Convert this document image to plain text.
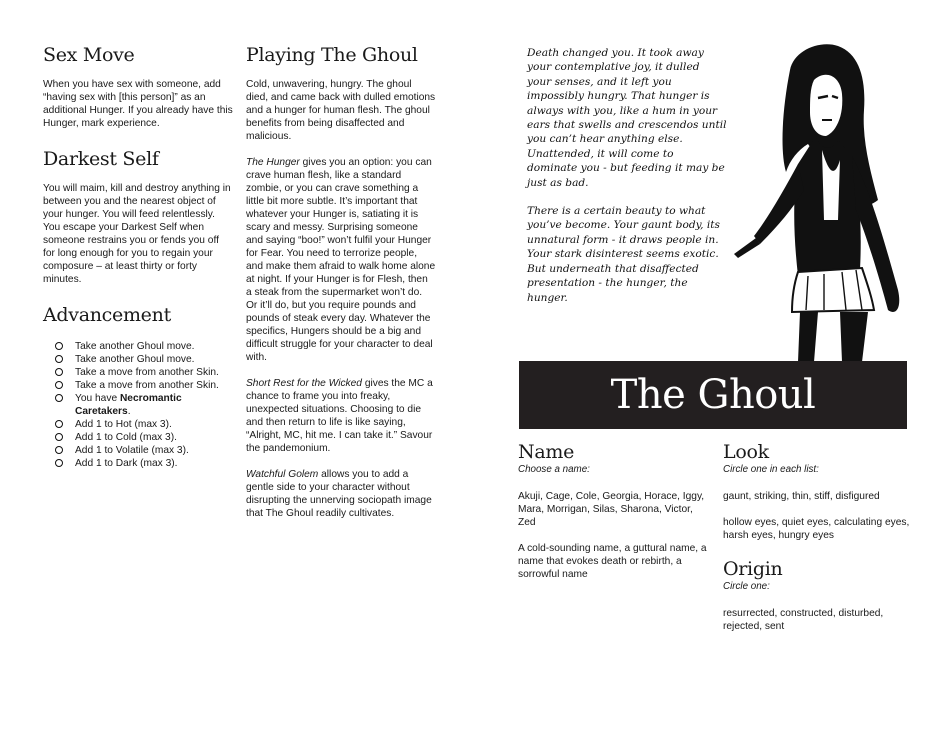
Sex Move
When you have sex with someone, add “having sex with [this person]” as an additional Hunger. If you already have this Hunger, mark experience.
Darkest Self
You will maim, kill and destroy anything in between you and the nearest object of your hunger. You will feed relentlessly. You escape your Darkest Self when someone restrains you or fends you off for long enough for you to regain your composure – at least thirty or forty minutes.
Advancement
Take another Ghoul move.
Take another Ghoul move.
Take a move from another Skin.
Take a move from another Skin.
You have Necromantic Caretakers.
Add 1 to Hot (max 3).
Add 1 to Cold (max 3).
Add 1 to Volatile (max 3).
Add 1 to Dark (max 3).
Playing The Ghoul

Cold, unwavering, hungry. The ghoul died, and came back with dulled emotions and a hunger for human flesh. The ghoul benefits from being disaffected and malicious.

The Hunger gives you an option: you can crave human flesh, like a standard zombie, or you can crave something a little bit more subtle. It’s important that whatever your Hunger is, satiating it is scary and messy. Surprising someone and saying “boo!” won’t fulfil your Hunger for Fear. You need to terrorize people, and make them afraid to walk home alone at night. If your Hunger is for Flesh, then a steak from the supermarket won’t do. Or it’ll do, but you require pounds and pounds of steak every day. Whatever the specifics, Hungers should be a big and difficult struggle for your character to deal with.

Short Rest for the Wicked gives the MC a chance to frame you into freaky, unexpected situations. Choosing to die and then return to life is like saying, “Alright, MC, hit me. I can take it.” Savour the pandemonium.

Watchful Golem allows you to add a gentle side to your character without disrupting the unnerving sociopath image that The Ghoul readily cultivates.

Death changed you. It took away your contemplative joy, it dulled your senses, and it left you impossibly hungry. That hunger is always with you, like a hum in your ears that swells and crescendos until you can’t hear anything else. Unattended, it will come to dominate you - but feeding it may be just as bad.

There is a certain beauty to what you’ve become. Your gaunt body, its unnatural form - it draws people in. Your stark disinterest seems exotic. But underneath that disaffected presentation - the hunger, the hunger.

The Ghoul
Name
Choose a name:
Akuji, Cage, Cole, Georgia, Horace, Iggy, Mara, Morrigan, Silas, Sharona, Victor, Zed
A cold-sounding name, a guttural name, a name that evokes death or rebirth, a sorrowful name
Look
Circle one in each list:
gaunt, striking, thin, stiff, disfigured
hollow eyes, quiet eyes, calculating eyes, harsh eyes, hungry eyes
Origin
Circle one:
resurrected, constructed, disturbed, rejected, sent
